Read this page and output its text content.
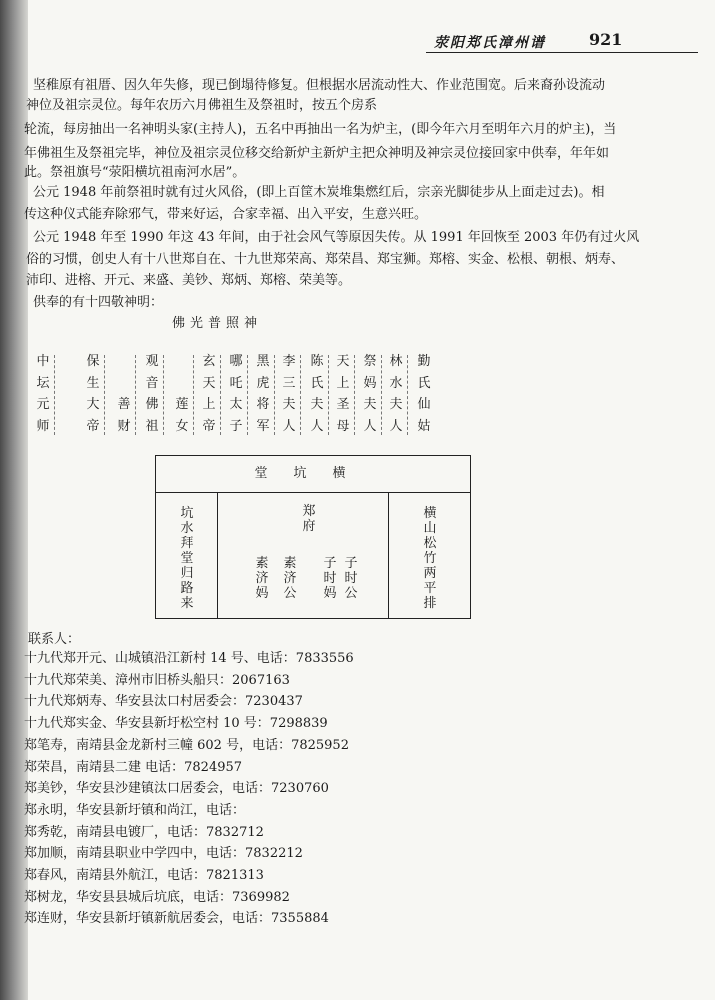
荥阳郑氏漳州谱	921

坚稚原有祖厝、因久年失修，现已倒塌待修复。但根据水居流动性大、作业范围宽。后来裔孙设流动

神位及祖宗灵位。每年农历六月佛祖生及祭祖时，按五个房系

轮流，每房抽出一名神明头家(主持人)，五名中再抽出一名为炉主，(即今年六月至明年六月的炉主)，当

年佛祖生及祭祖完毕，神位及祖宗灵位移交给新炉主新炉主把众神明及神宗灵位接回家中供奉，年年如

此。祭祖旗号“荥阳横坑祖南河水居”。

公元 1948 年前祭祖时就有过火风俗，(即上百筐木炭堆集燃红后，宗亲光脚徒步从上面走过去)。相

传这种仪式能弃除邪气，带来好运，合家幸福、出入平安，生意兴旺。

公元 1948 年至 1990 年这 43 年间，由于社会风气等原因失传。从 1991 年回恢至 2003 年仍有过火风

俗的习惯，创史人有十八世郑自在、十九世郑荣高、郑荣昌、郑宝狮。郑榕、实金、松根、朝根、炳寿、

沛印、进榕、开元、来盛、美钞、郑炳、郑榕、荣美等。

供奉的有十四敬神明：

佛光普照神
中
坛
元
师
保
生
大
帝
善
财
观
音
佛
祖
莲
女
玄
天
上
帝
哪
吒
太
子
黑
虎
将
军
李
三
夫
人
陈
氏
夫
人
天
上
圣
母
祭
妈
夫
人
林
水
夫
人
勤
氏
仙
姑
堂坑横
坑
水
拜
堂
归
路
来
郑
府
素
济
妈
素
济
公
子
时
妈
子
时
公
横
山
松
竹
两
平
排
联系人：
十九代郑开元、山城镇沿江新村 14 号、电话：7833556
十九代郑荣美、漳州市旧桥头船只：2067163
十九代郑炳寿、华安县汰口村居委会：7230437
十九代郑实金、华安县新圩松空村 10 号：7298839
郑笔寿，南靖县金龙新村三幢 602 号，电话：7825952
郑荣昌，南靖县二建 电话：7824957
郑美钞，华安县沙建镇汰口居委会，电话：7230760
郑永明，华安县新圩镇和尚江，电话：
郑秀乾，南靖县电镀厂，电话：7832712
郑加顺，南靖县职业中学四中，电话：7832212
郑春风，南靖县外航江，电话：7821313
郑树龙，华安县县城后坑底，电话：7369982
郑连财，华安县新圩镇新航居委会，电话：7355884
